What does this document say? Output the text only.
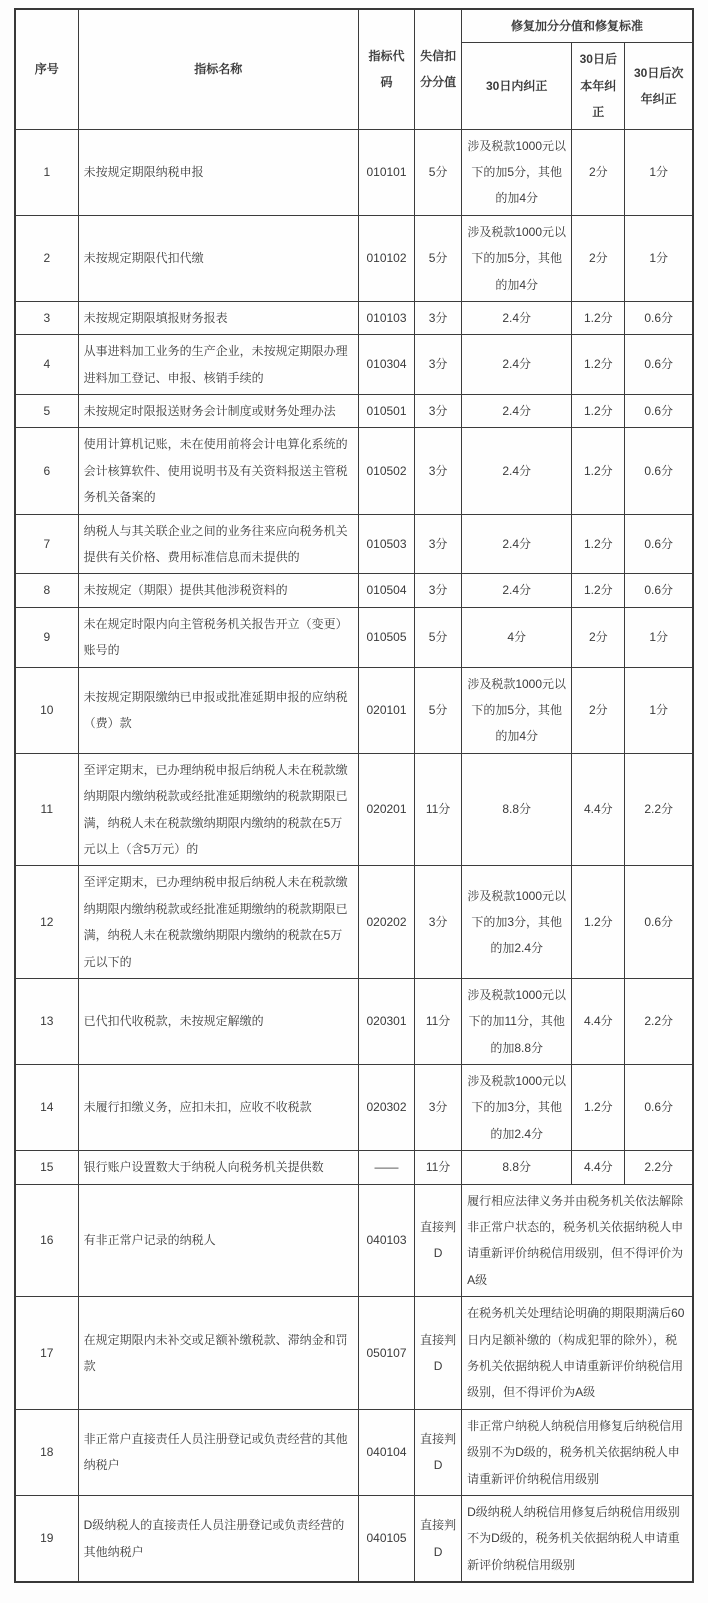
序号	指标名称	指标代码	失信扣分分值	修复加分分值和修复标准		
				30日内纠正	30日后本年纠正	30日后次年纠正
1	未按规定期限纳税申报	010101	5分	涉及税款1000元以下的加5分，其他的加4分	2分	1分
2	未按规定期限代扣代缴	010102	5分	涉及税款1000元以下的加5分，其他的加4分	2分	1分
3	未按规定期限填报财务报表	010103	3分	2.4分	1.2分	0.6分
4	从事进料加工业务的生产企业，未按规定期限办理进料加工登记、申报、核销手续的	010304	3分	2.4分	1.2分	0.6分
5	未按规定时限报送财务会计制度或财务处理办法	010501	3分	2.4分	1.2分	0.6分
6	使用计算机记账，未在使用前将会计电算化系统的会计核算软件、使用说明书及有关资料报送主管税务机关备案的	010502	3分	2.4分	1.2分	0.6分
7	纳税人与其关联企业之间的业务往来应向税务机关提供有关价格、费用标准信息而未提供的	010503	3分	2.4分	1.2分	0.6分
8	未按规定（期限）提供其他涉税资料的	010504	3分	2.4分	1.2分	0.6分
9	未在规定时限内向主管税务机关报告开立（变更）账号的	010505	5分	4分	2分	1分
10	未按规定期限缴纳已申报或批准延期申报的应纳税（费）款	020101	5分	涉及税款1000元以下的加5分，其他的加4分	2分	1分
11	至评定期末，已办理纳税申报后纳税人未在税款缴纳期限内缴纳税款或经批准延期缴纳的税款期限已满，纳税人未在税款缴纳期限内缴纳的税款在5万元以上（含5万元）的	020201	11分	8.8分	4.4分	2.2分
12	至评定期末，已办理纳税申报后纳税人未在税款缴纳期限内缴纳税款或经批准延期缴纳的税款期限已满，纳税人未在税款缴纳期限内缴纳的税款在5万元以下的	020202	3分	涉及税款1000元以下的加3分，其他的加2.4分	1.2分	0.6分
13	已代扣代收税款，未按规定解缴的	020301	11分	涉及税款1000元以下的加11分，其他的加8.8分	4.4分	2.2分
14	未履行扣缴义务，应扣未扣，应收不收税款	020302	3分	涉及税款1000元以下的加3分，其他的加2.4分	1.2分	0.6分
15	银行账户设置数大于纳税人向税务机关提供数	——	11分	8.8分	4.4分	2.2分
16	有非正常户记录的纳税人	040103	直接判D	履行相应法律义务并由税务机关依法解除非正常户状态的，税务机关依据纳税人申请重新评价纳税信用级别，但不得评价为A级		
17	在规定期限内未补交或足额补缴税款、滞纳金和罚款	050107	直接判D	在税务机关处理结论明确的期限期满后60日内足额补缴的（构成犯罪的除外），税务机关依据纳税人申请重新评价纳税信用级别，但不得评价为A级		
18	非正常户直接责任人员注册登记或负责经营的其他纳税户	040104	直接判D	非正常户纳税人纳税信用修复后纳税信用级别不为D级的，税务机关依据纳税人申请重新评价纳税信用级别		
19	D级纳税人的直接责任人员注册登记或负责经营的其他纳税户	040105	直接判D	D级纳税人纳税信用修复后纳税信用级别不为D级的，税务机关依据纳税人申请重新评价纳税信用级别		
